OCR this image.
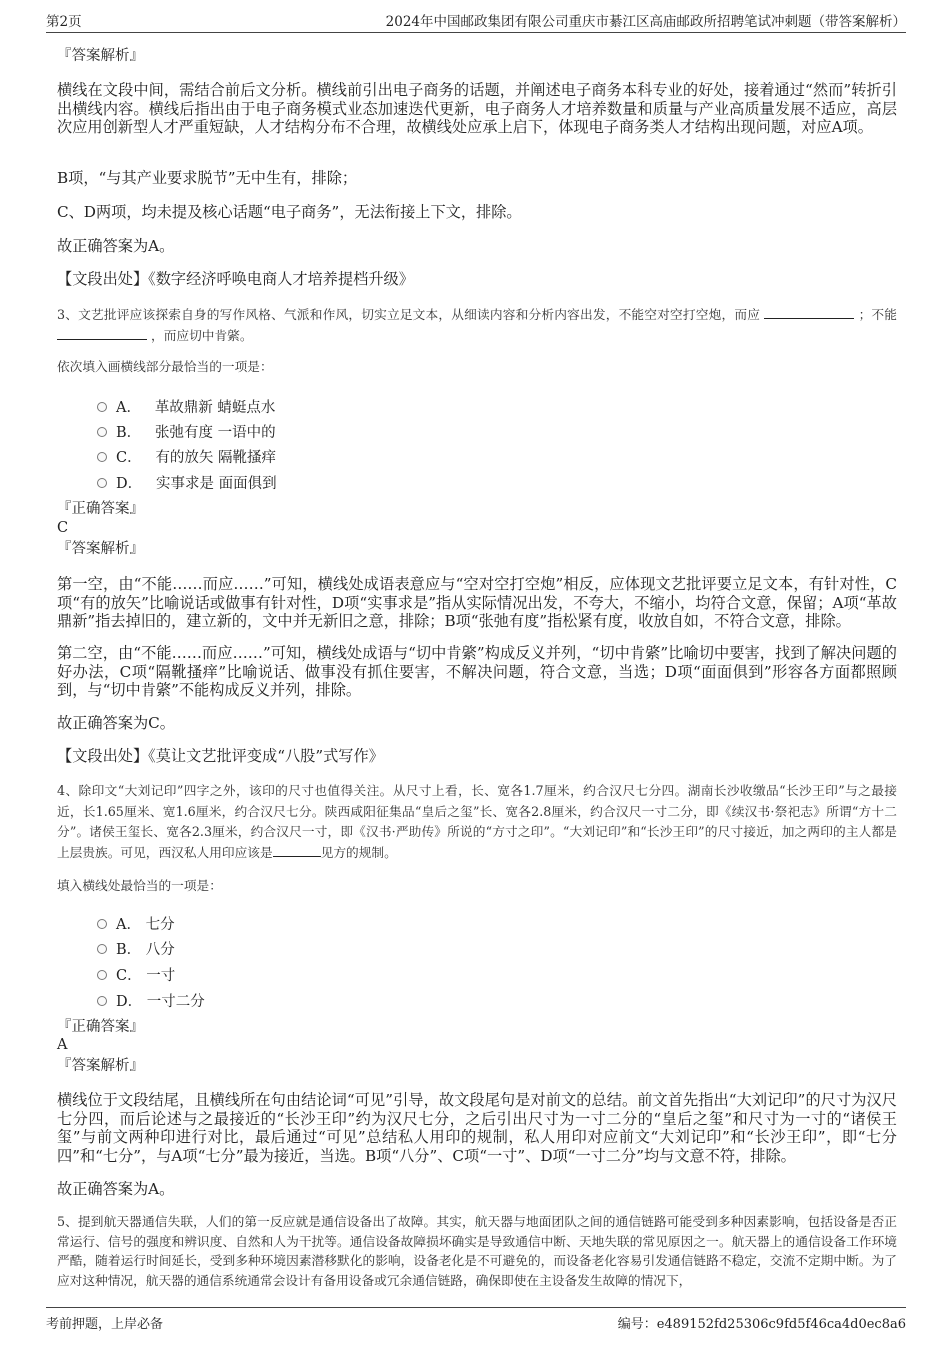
第2页	2024年中国邮政集团有限公司重庆市綦江区高庙邮政所招聘笔试冲刺题（带答案解析）
『答案解析』
横线在文段中间，需结合前后文分析。横线前引出电子商务的话题，并阐述电子商务本科专业的好处，接着通过“然而”转折引出横线内容。横线后指出由于电子商务模式业态加速迭代更新，电子商务人才培养数量和质量与产业高质量发展不适应，高层次应用创新型人才严重短缺，人才结构分布不合理，故横线处应承上启下，体现电子商务类人才结构出现问题，对应A项。
B项，“与其产业要求脱节”无中生有，排除；
C、D两项，均未提及核心话题“电子商务”，无法衔接上下文，排除。
故正确答案为A。
【文段出处】《数字经济呼唤电商人才培养提档升级》
3、文艺批评应该探索自身的写作风格、气派和作风，切实立足文本，从细读内容和分析内容出发，不能空对空打空炮，而应	；不能  ，而应切中肯綮。
依次填入画横线部分最恰当的一项是：
A． 革故鼎新 蜻蜓点水
B． 张弛有度 一语中的
C． 有的放矢 隔靴搔痒
D． 实事求是 面面俱到
『正确答案』
C
『答案解析』
第一空，由“不能……而应……”可知，横线处成语表意应与“空对空打空炮”相反，应体现文艺批评要立足文本，有针对性，C项“有的放矢”比喻说话或做事有针对性，D项“实事求是”指从实际情况出发，不夸大，不缩小，均符合文意，保留；A项“革故鼎新”指去掉旧的，建立新的，文中并无新旧之意，排除；B项“张弛有度”指松紧有度，收放自如，不符合文意，排除。
第二空，由“不能……而应……”可知，横线处成语与“切中肯綮”构成反义并列，“切中肯綮”比喻切中要害，找到了解决问题的好办法，C项“隔靴搔痒”比喻说话、做事没有抓住要害，不解决问题，符合文意，当选；D项“面面俱到”形容各方面都照顾到，与“切中肯綮”不能构成反义并列，排除。
故正确答案为C。
【文段出处】《莫让文艺批评变成“八股”式写作》
4、除印文“大刘记印”四字之外，该印的尺寸也值得关注。从尺寸上看，长、宽各1.7厘米，约合汉尺七分四。湖南长沙收缴品“长沙王印”与之最接近，长1.65厘米、宽1.6厘米，约合汉尺七分。陕西咸阳征集品“皇后之玺”长、宽各2.8厘米，约合汉尺一寸二分，即《续汉书·祭祀志》所谓“方十二分”。诸侯王玺长、宽各2.3厘米，约合汉尺一寸，即《汉书·严助传》所说的“方寸之印”。“大刘记印”和“长沙王印”的尺寸接近，加之两印的主人都是上层贵族。可见，西汉私人用印应该是	见方的规制。
填入横线处最恰当的一项是：
A． 七分
B． 八分
C． 一寸
D． 一寸二分
『正确答案』
A
『答案解析』
横线位于文段结尾，且横线所在句由结论词“可见”引导，故文段尾句是对前文的总结。前文首先指出“大刘记印”的尺寸为汉尺七分四，而后论述与之最接近的“长沙王印”约为汉尺七分，之后引出尺寸为一寸二分的“皇后之玺”和尺寸为一寸的“诸侯王玺”与前文两种印进行对比，最后通过“可见”总结私人用印的规制，私人用印对应前文“大刘记印”和“长沙王印”，即“七分四”和“七分”，与A项“七分”最为接近，当选。B项“八分”、C项“一寸”、D项“一寸二分”均与文意不符，排除。
故正确答案为A。
5、提到航天器通信失联，人们的第一反应就是通信设备出了故障。其实，航天器与地面团队之间的通信链路可能受到多种因素影响，包括设备是否正常运行、信号的强度和辨识度、自然和人为干扰等。通信设备故障损坏确实是导致通信中断、天地失联的常见原因之一。航天器上的通信设备工作环境严酷，随着运行时间延长，受到多种环境因素潜移默化的影响，设备老化是不可避免的，而设备老化容易引发通信链路不稳定，交流不定期中断。为了应对这种情况，航天器的通信系统通常会设计有备用设备或冗余通信链路，确保即使在主设备发生故障的情况下，
考前押题，上岸必备	编号：e489152fd25306c9fd5f46ca4d0ec8a6
